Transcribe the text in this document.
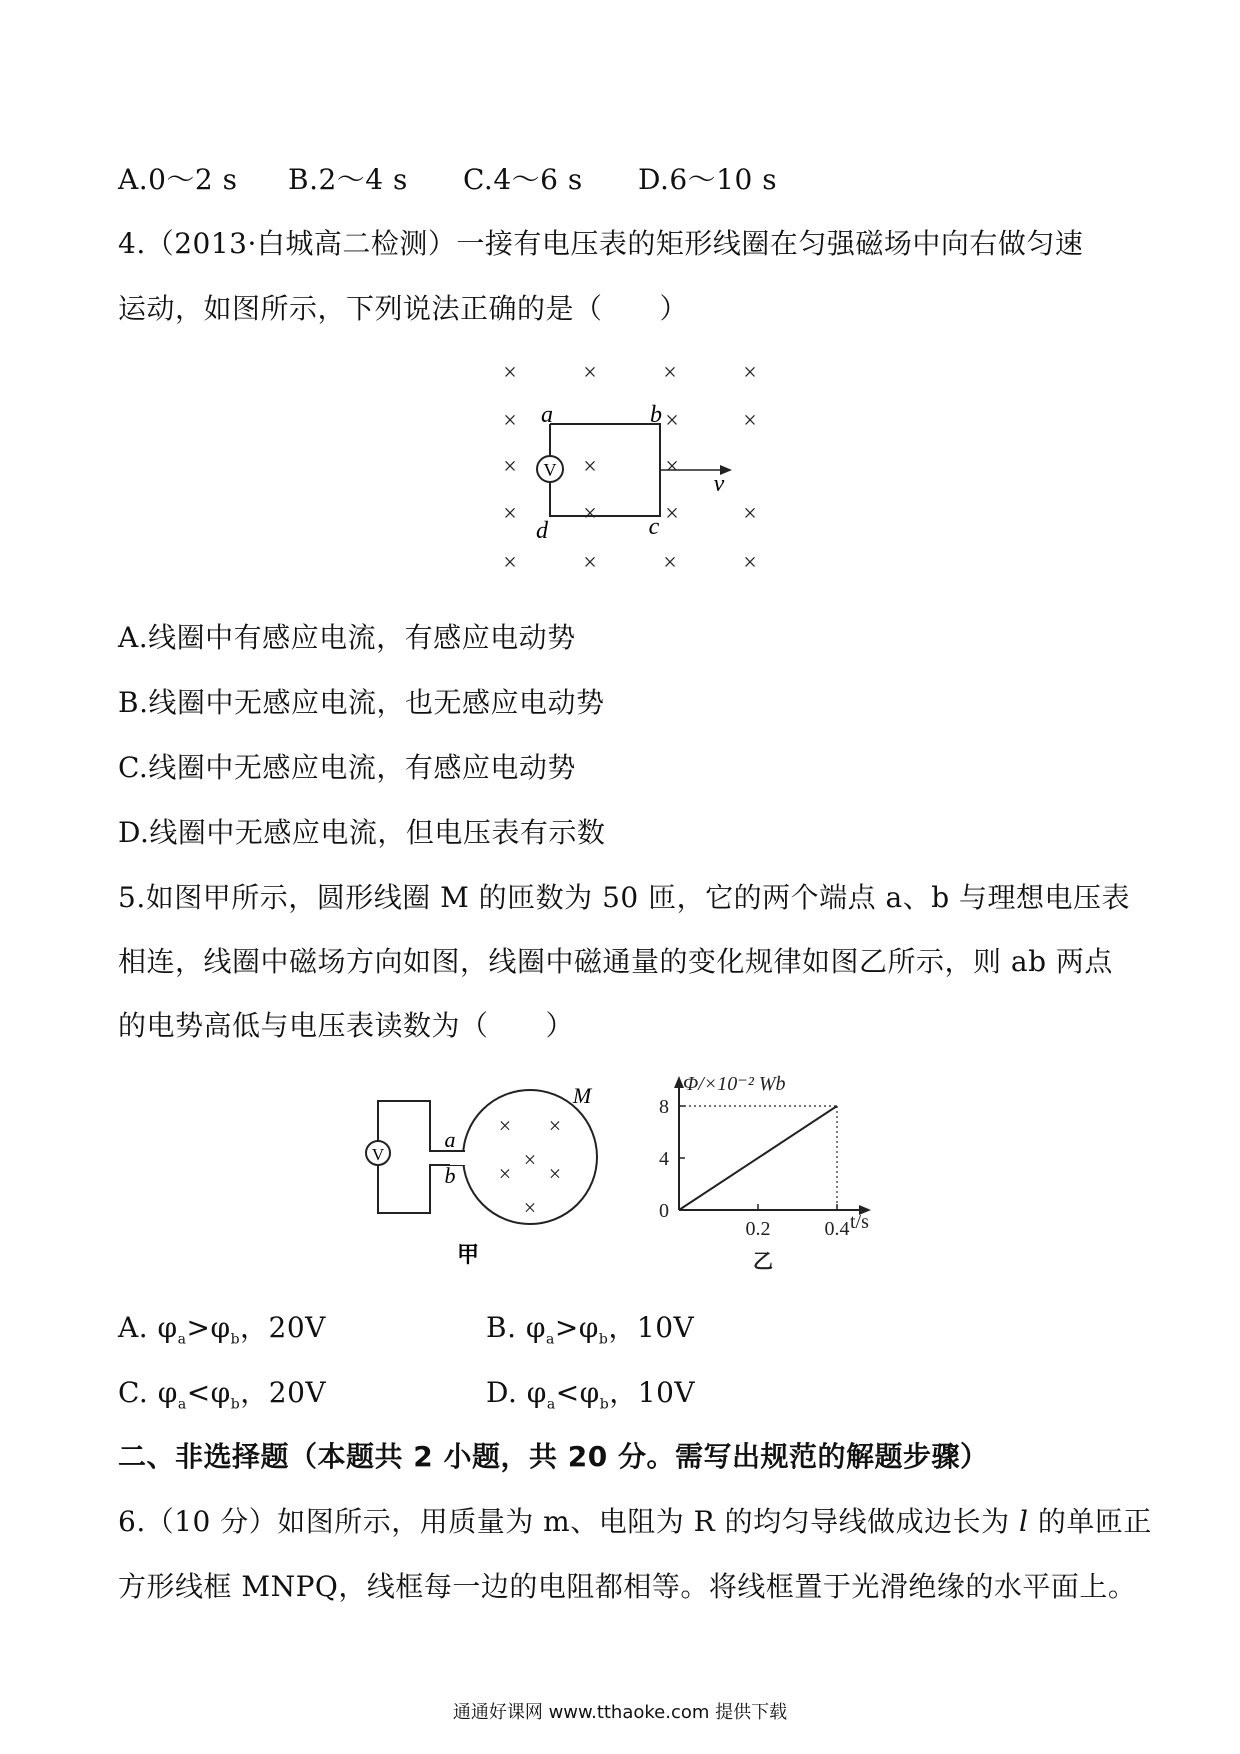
A.0～2 s B.2～4 s C.4～6 s D.6～10 s
4.（2013·白城高二检测）一接有电压表的矩形线圈在匀强磁场中向右做匀速
运动，如图所示，下列说法正确的是（　　）
×	×	×	×
×	×	×
×	×	×
×	×	×	×
×	×	×	×
V
a	b
c
d
v
A.线圈中有感应电流，有感应电动势
B.线圈中无感应电流，也无感应电动势
C.线圈中无感应电流，有感应电动势
D.线圈中无感应电流，但电压表有示数
5.如图甲所示，圆形线圈 M 的匝数为 50 匝，它的两个端点 a、b 与理想电压表
相连，线圈中磁场方向如图，线圈中磁通量的变化规律如图乙所示，则 ab 两点
的电势高低与电压表读数为（　　）
V
× ×
×
× ×
×
M
a
b
甲
Φ/×10⁻² Wb
t/s
乙
8
4
0
0.2	0.4
A. $\varphi_a>\varphi_b$，20V	B. $\varphi_a>\varphi_b$，10V
C. $\varphi_a<\varphi_b$，20V	D. $\varphi_a<\varphi_b$，10V
二、非选择题（本题共 2 小题，共 20 分。需写出规范的解题步骤）
6.（10 分）如图所示，用质量为 m、电阻为 R 的均匀导线做成边长为 l 的单匝正
方形线框 MNPQ，线框每一边的电阻都相等。将线框置于光滑绝缘的水平面上。
通通好课网 www.tthaoke.com 提供下载
